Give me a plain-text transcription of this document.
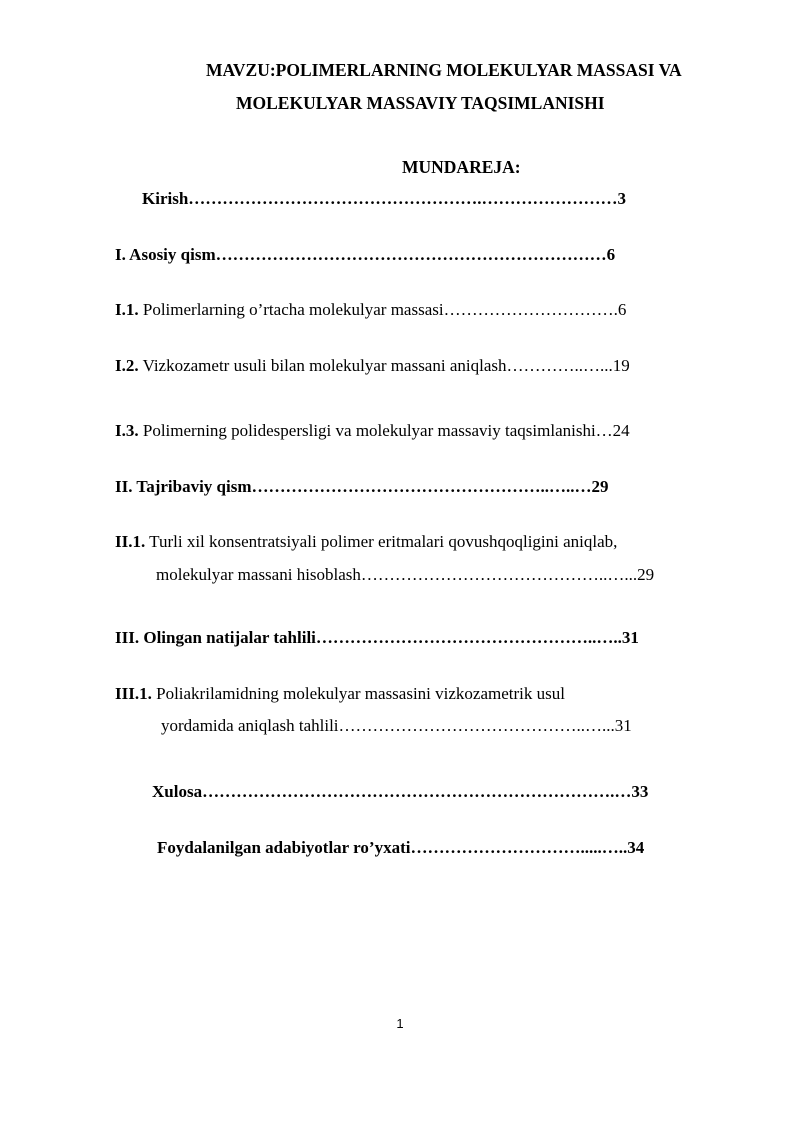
MAVZU:POLIMERLARNING MOLEKULYAR MASSASI VA
MOLEKULYAR MASSAVIY TAQSIMLANISHI
MUNDAREJA:
Kirish…………………………………………….……………………3
I. Asosiy qism……………………………………………………………6
I.1. Polimerlarning o’rtacha molekulyar massasi………………………….6
I.2. Vizkozametr usuli bilan molekulyar massani aniqlash…………..…...19
I.3. Polimerning polidespersligi va molekulyar massaviy taqsimlanishi…24
II. Tajribaviy qism……………………………………………..…..…29
II.1. Turli xil konsentratsiyali polimer eritmalari qovushqoqligini aniqlab,
molekulyar massani hisoblash……………………………………..…...29
III. Olingan natijalar tahlili…………………………………………..…..31
III.1. Poliakrilamidning molekulyar massasini vizkozametrik usul
yordamida aniqlash tahlili……………………………………..…...31
Xulosa……………………………………………………………….…33
Foydalanilgan adabiyotlar ro’yxati………………………….....…..34
1
